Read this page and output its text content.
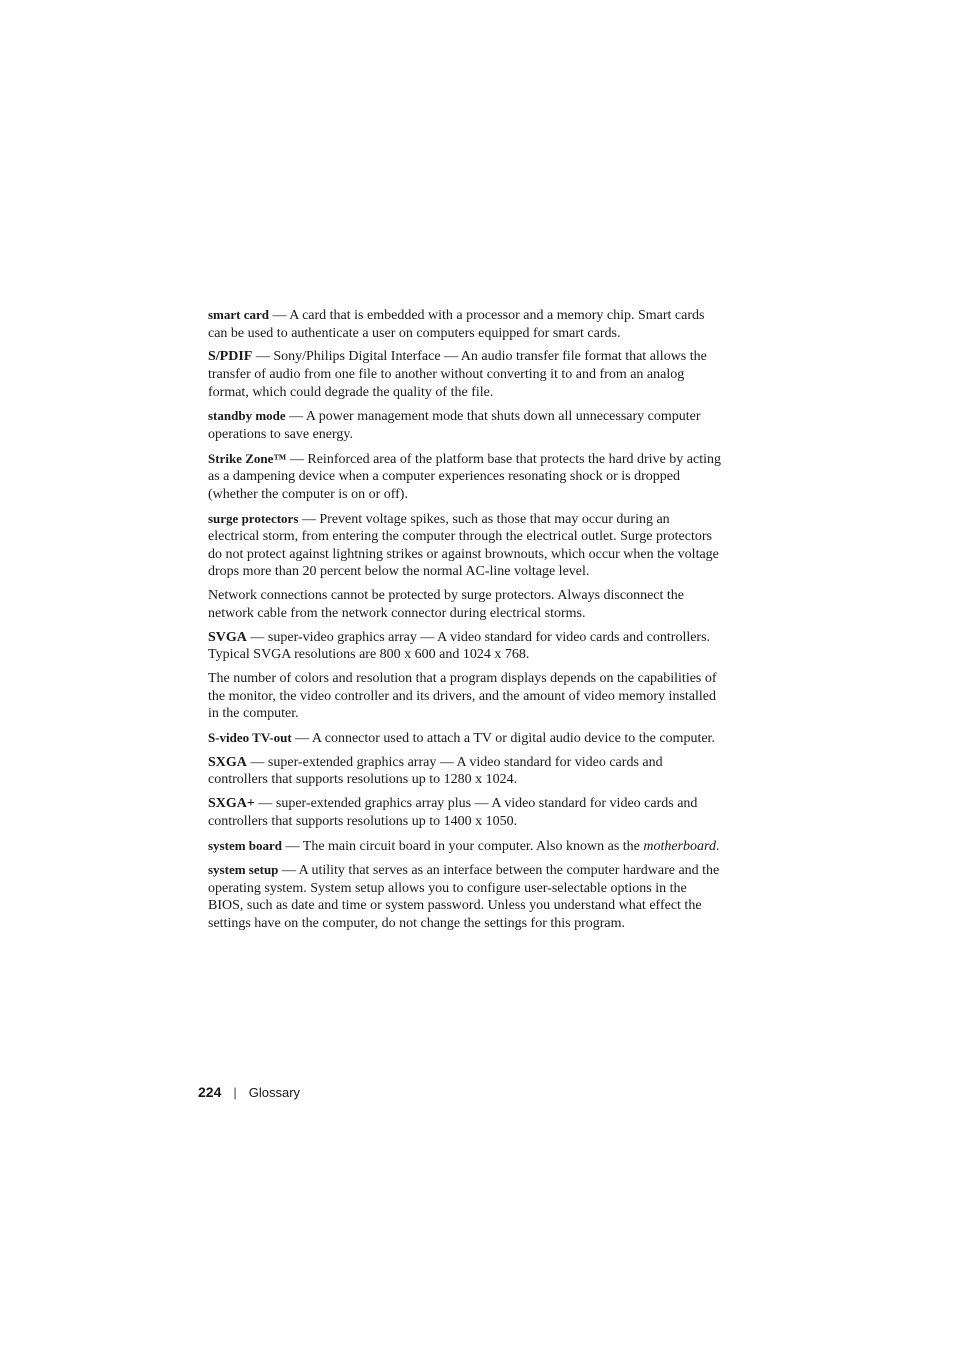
smart card — A card that is embedded with a processor and a memory chip. Smart cards can be used to authenticate a user on computers equipped for smart cards.

S/PDIF — Sony/Philips Digital Interface — An audio transfer file format that allows the transfer of audio from one file to another without converting it to and from an analog format, which could degrade the quality of the file.

standby mode — A power management mode that shuts down all unnecessary computer operations to save energy.

Strike Zone™ — Reinforced area of the platform base that protects the hard drive by acting as a dampening device when a computer experiences resonating shock or is dropped (whether the computer is on or off).

surge protectors — Prevent voltage spikes, such as those that may occur during an electrical storm, from entering the computer through the electrical outlet. Surge protectors do not protect against lightning strikes or against brownouts, which occur when the voltage drops more than 20 percent below the normal AC-line voltage level.

Network connections cannot be protected by surge protectors. Always disconnect the network cable from the network connector during electrical storms.

SVGA — super-video graphics array — A video standard for video cards and controllers. Typical SVGA resolutions are 800 x 600 and 1024 x 768.

The number of colors and resolution that a program displays depends on the capabilities of the monitor, the video controller and its drivers, and the amount of video memory installed in the computer.

S-video TV-out — A connector used to attach a TV or digital audio device to the computer.

SXGA — super-extended graphics array — A video standard for video cards and controllers that supports resolutions up to 1280 x 1024.

SXGA+ — super-extended graphics array plus — A video standard for video cards and controllers that supports resolutions up to 1400 x 1050.

system board — The main circuit board in your computer. Also known as the motherboard.

system setup — A utility that serves as an interface between the computer hardware and the operating system. System setup allows you to configure user-selectable options in the BIOS, such as date and time or system password. Unless you understand what effect the settings have on the computer, do not change the settings for this program.

224 | Glossary
